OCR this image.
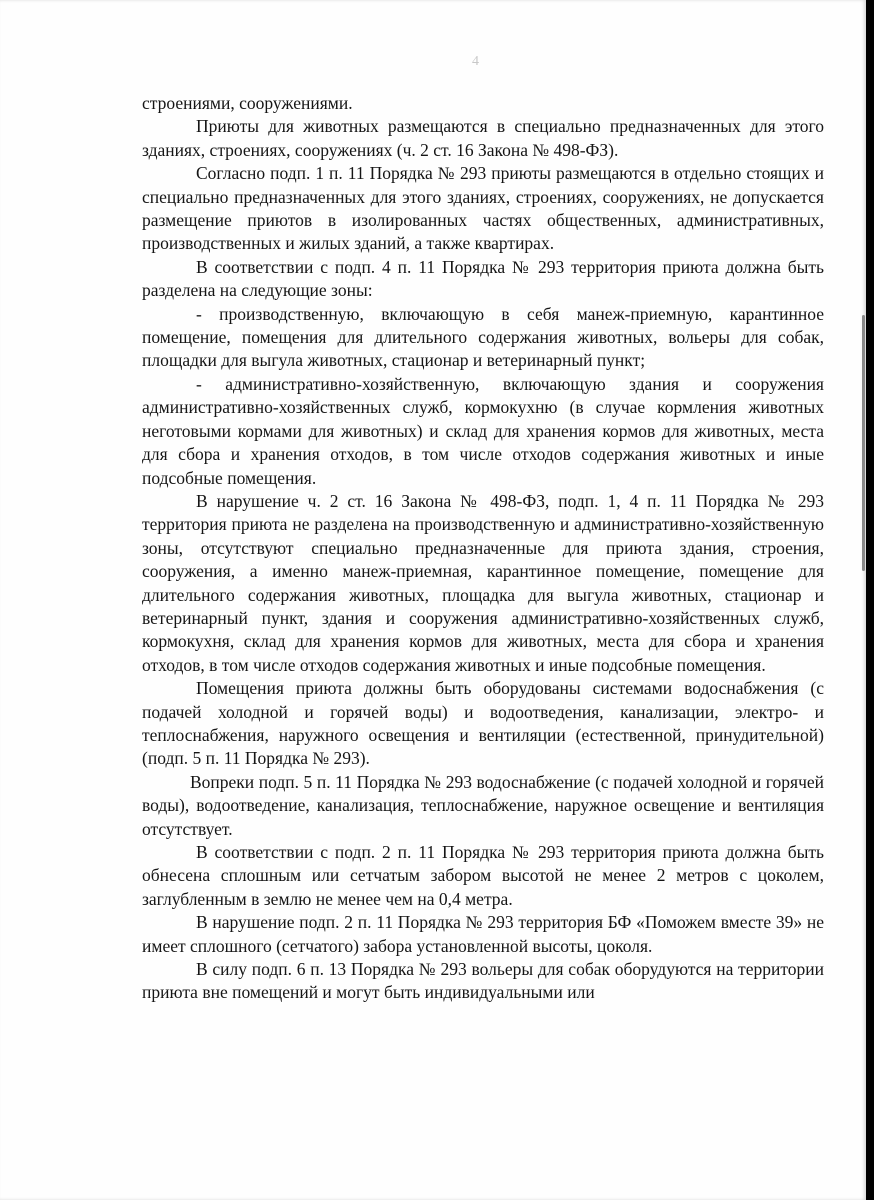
4

строениями, сооружениями.

Приюты для животных размещаются в специально предназначенных для этого зданиях, строениях, сооружениях (ч. 2 ст. 16 Закона № 498-ФЗ).

Согласно подп. 1 п. 11 Порядка № 293 приюты размещаются в отдельно стоящих и специально предназначенных для этого зданиях, строениях, сооружениях, не допускается размещение приютов в изолированных частях общественных, административных, производственных и жилых зданий, а также квартирах.

В соответствии с подп. 4 п. 11 Порядка № 293 территория приюта должна быть разделена на следующие зоны:

- производственную, включающую в себя манеж-приемную, карантинное помещение, помещения для длительного содержания животных, вольеры для собак, площадки для выгула животных, стационар и ветеринарный пункт;

- административно-хозяйственную, включающую здания и сооружения административно-хозяйственных служб, кормокухню (в случае кормления животных неготовыми кормами для животных) и склад для хранения кормов для животных, места для сбора и хранения отходов, в том числе отходов содержания животных и иные подсобные помещения.

В нарушение ч. 2 ст. 16 Закона № 498-ФЗ, подп. 1, 4 п. 11 Порядка № 293 территория приюта не разделена на производственную и административно-хозяйственную зоны, отсутствуют специально предназначенные для приюта здания, строения, сооружения, а именно манеж-приемная, карантинное помещение, помещение для длительного содержания животных, площадка для выгула животных, стационар и ветеринарный пункт, здания и сооружения административно-хозяйственных служб, кормокухня, склад для хранения кормов для животных, места для сбора и хранения отходов, в том числе отходов содержания животных и иные подсобные помещения.

Помещения приюта должны быть оборудованы системами водоснабжения (с подачей холодной и горячей воды) и водоотведения, канализации, электро- и теплоснабжения, наружного освещения и вентиляции (естественной, принудительной) (подп. 5 п. 11 Порядка № 293).

Вопреки подп. 5 п. 11 Порядка № 293 водоснабжение (с подачей холодной и горячей воды), водоотведение, канализация, теплоснабжение, наружное освещение и вентиляция отсутствует.

В соответствии с подп. 2 п. 11 Порядка № 293 территория приюта должна быть обнесена сплошным или сетчатым забором высотой не менее 2 метров с цоколем, заглубленным в землю не менее чем на 0,4 метра.

В нарушение подп. 2 п. 11 Порядка № 293 территория БФ «Поможем вместе 39» не имеет сплошного (сетчатого) забора установленной высоты, цоколя.

В силу подп. 6 п. 13 Порядка № 293 вольеры для собак оборудуются на территории приюта вне помещений и могут быть индивидуальными или
